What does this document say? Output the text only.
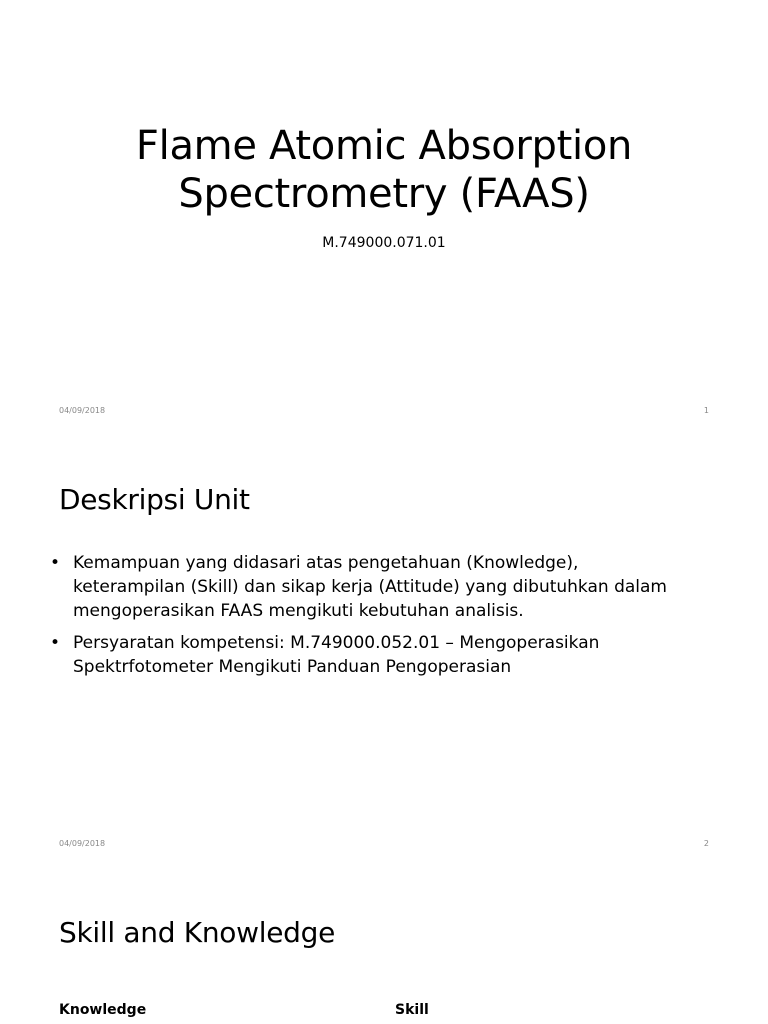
Flame Atomic Absorption
Spectrometry (FAAS)
M.749000.071.01
04/09/2018	1
Deskripsi Unit
• Kemampuan yang didasari atas pengetahuan (Knowledge),
keterampilan (Skill) dan sikap kerja (Attitude) yang dibutuhkan dalam
mengoperasikan FAAS mengikuti kebutuhan analisis.
• Persyaratan kompetensi: M.749000.052.01 – Mengoperasikan
Spektrfotometer Mengikuti Panduan Pengoperasian
04/09/2018	2
Skill and Knowledge
Knowledge	Skill
